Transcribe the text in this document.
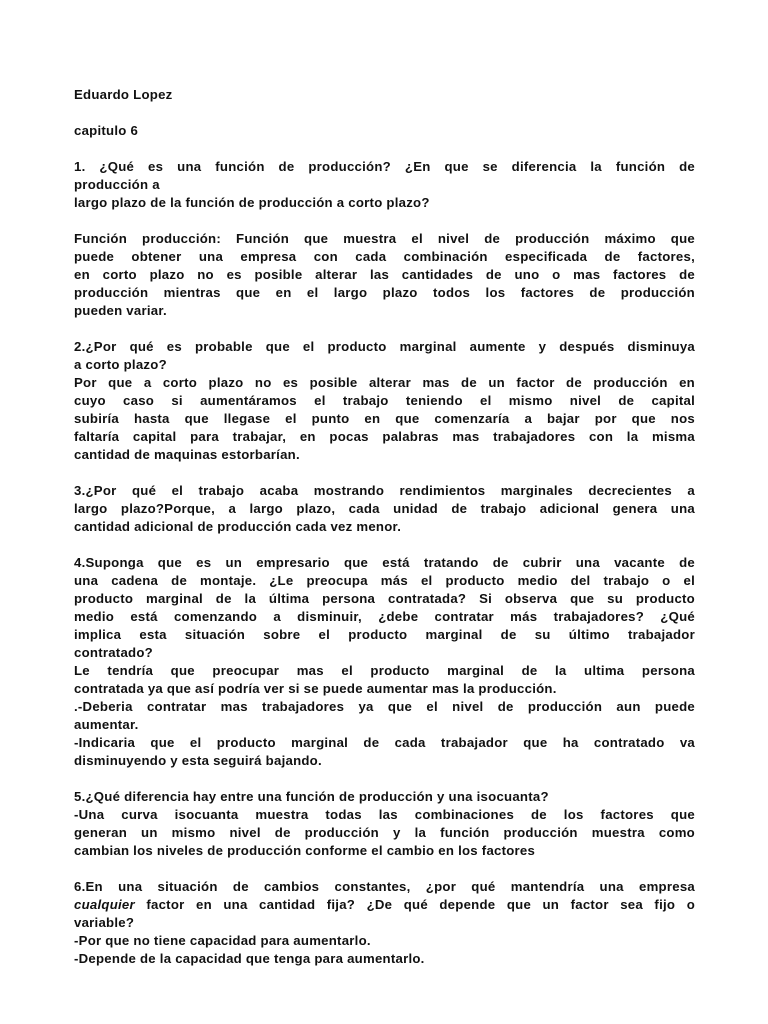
Eduardo Lopez
capitulo 6
1. ¿Qué es una función de producción? ¿En que se diferencia la función de
producción a
largo plazo de la función de producción a corto plazo?
Función producción: Función que muestra el nivel de producción máximo que
puede obtener una empresa con cada combinación especificada de factores,
en corto plazo no es posible alterar las cantidades de uno o mas factores de
producción mientras que en el largo plazo todos los factores de producción
pueden variar.
2.¿Por qué es probable que el producto marginal aumente y después disminuya
a corto plazo?
Por que a corto plazo no es posible alterar mas de un factor de producción en
cuyo caso si aumentáramos el trabajo teniendo el mismo nivel de capital
subiría hasta que llegase el punto en que comenzaría a bajar por que nos
faltaría capital para trabajar, en pocas palabras mas trabajadores con la misma
cantidad de maquinas estorbarían.
3.¿Por qué el trabajo acaba mostrando rendimientos marginales decrecientes a
largo plazo?Porque, a largo plazo, cada unidad de trabajo adicional genera una
cantidad adicional de producción cada vez menor.
4.Suponga que es un empresario que está tratando de cubrir una vacante de
una cadena de montaje. ¿Le preocupa más el producto medio del trabajo o el
producto marginal de la última persona contratada? Si observa que su producto
medio está comenzando a disminuir, ¿debe contratar más trabajadores? ¿Qué
implica esta situación sobre el producto marginal de su último trabajador
contratado?
Le tendría que preocupar mas el producto marginal de la ultima persona
contratada ya que así podría ver si se puede aumentar mas la producción.
.-Deberia contratar mas trabajadores ya que el nivel de producción aun puede
aumentar.
-Indicaria que el producto marginal de cada trabajador que ha contratado va
disminuyendo y esta seguirá bajando.
5.¿Qué diferencia hay entre una función de producción y una isocuanta?
-Una curva isocuanta muestra todas las combinaciones de los factores que
generan un mismo nivel de producción y la función producción muestra como
cambian los niveles de producción conforme el cambio en los factores
6.En una situación de cambios constantes, ¿por qué mantendría una empresa
cualquier factor en una cantidad fija? ¿De qué depende que un factor sea fijo o
variable?
-Por que no tiene capacidad para aumentarlo.
-Depende de la capacidad que tenga para aumentarlo.
